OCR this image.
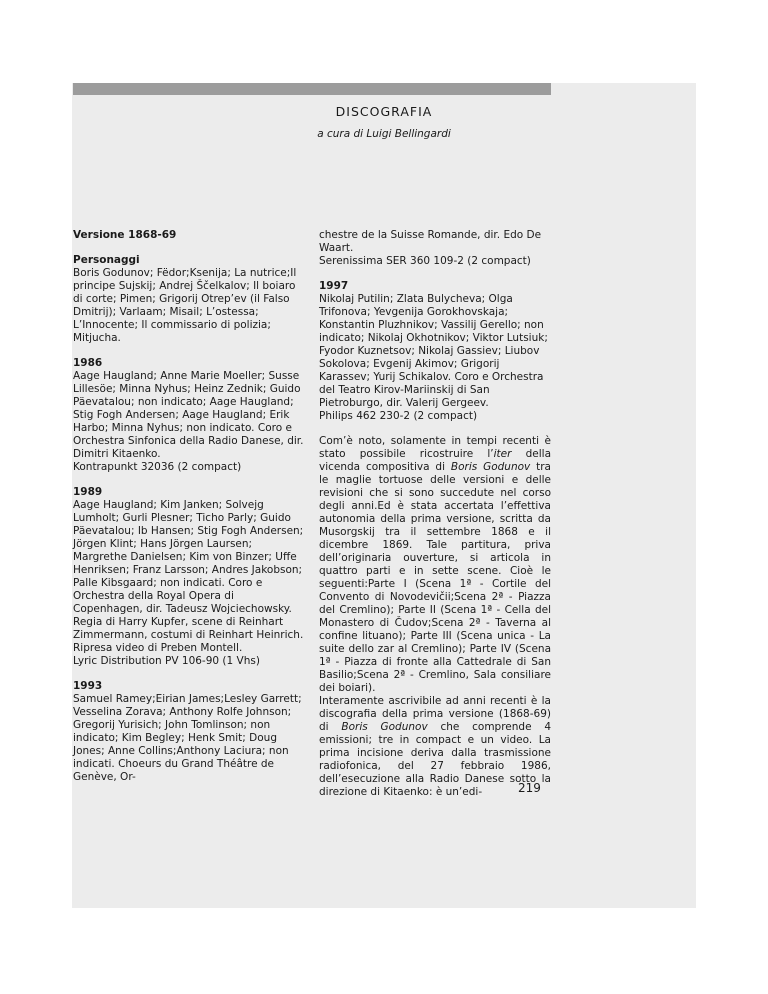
DISCOGRAFIA
a cura di Luigi Bellingardi
Versione 1868-69
Personaggi
Boris Godunov; Fëdor;Ksenija; La nutrice;Il principe Sujskij; Andrej Ščelkalov; Il boiaro di corte; Pimen; Grigorij Otrep’ev (il Falso Dmitrij); Varlaam; Misail; L’ostessa; L’Innocente; Il commissario di polizia; Mitjucha.
1986
Aage Haugland; Anne Marie Moeller; Susse Lillesöe; Minna Nyhus; Heinz Zednik; Guido Päevatalou; non indicato; Aage Haugland; Stig Fogh Andersen; Aage Haugland; Erik Harbo; Minna Nyhus; non indicato. Coro e Orchestra Sinfonica della Radio Danese, dir. Dimitri Kitaenko.
Kontrapunkt 32036 (2 compact)
1989
Aage Haugland; Kim Janken; Solvejg Lumholt; Gurli Plesner; Ticho Parly; Guido Päevatalou; Ib Hansen; Stig Fogh Andersen; Jörgen Klint; Hans Jörgen Laursen; Margrethe Danielsen; Kim von Binzer; Uffe Henriksen; Franz Larsson; Andres Jakobson; Palle Kibsgaard; non indicati. Coro e Orchestra della Royal Opera di Copenhagen, dir. Tadeusz Wojciechowsky. Regia di Harry Kupfer, scene di Reinhart Zimmermann, costumi di Reinhart Heinrich. Ripresa video di Preben Montell.
Lyric Distribution PV 106-90 (1 Vhs)
1993
Samuel Ramey;Eirian James;Lesley Garrett; Vesselina Zorava; Anthony Rolfe Johnson; Gregorij Yurisich; John Tomlinson; non indicato; Kim Begley; Henk Smit; Doug Jones; Anne Collins;Anthony Laciura; non indicati. Choeurs du Grand Théâtre de Genève, Or-
chestre de la Suisse Romande, dir. Edo De Waart.
Serenissima SER 360 109-2 (2 compact)
1997
Nikolaj Putilin; Zlata Bulycheva; Olga Trifonova; Yevgenija Gorokhovskaja; Konstantin Pluzhnikov; Vassilij Gerello; non indicato; Nikolaj Okhotnikov; Viktor Lutsiuk; Fyodor Kuznetsov; Nikolaj Gassiev; Liubov Sokolova; Evgenij Akimov; Grigorij Karassev; Yurij Schikalov. Coro e Orchestra del Teatro Kirov-Mariinskij di San Pietroburgo, dir. Valerij Gergeev.
Philips 462 230-2 (2 compact)
Com’è noto, solamente in tempi recenti è stato possibile ricostruire l’iter della vicenda compositiva di Boris Godunov tra le maglie tortuose delle versioni e delle revisioni che si sono succedute nel corso degli anni.Ed è stata accertata l’effettiva autonomia della prima versione, scritta da Musorgskij tra il settembre 1868 e il dicembre 1869. Tale partitura, priva dell’originaria ouverture, si articola in quattro parti e in sette scene. Cioè le seguenti:Parte I (Scena 1ª - Cortile del Convento di Novodevičii;Scena 2ª - Piazza del Cremlino); Parte II (Scena 1ª - Cella del Monastero di Čudov;Scena 2ª - Taverna al confine lituano); Parte III (Scena unica - La suite dello zar al Cremlino); Parte IV (Scena 1ª - Piazza di fronte alla Cattedrale di San Basilio;Scena 2ª - Cremlino, Sala consiliare dei boiari).
Interamente ascrivibile ad anni recenti è la discografia della prima versione (1868-69) di Boris Godunov che comprende 4 emissioni; tre in compact e un video. La prima incisione deriva dalla trasmissione radiofonica, del 27 febbraio 1986, dell’esecuzione alla Radio Danese sotto la direzione di Kitaenko: è un’edi-	219
